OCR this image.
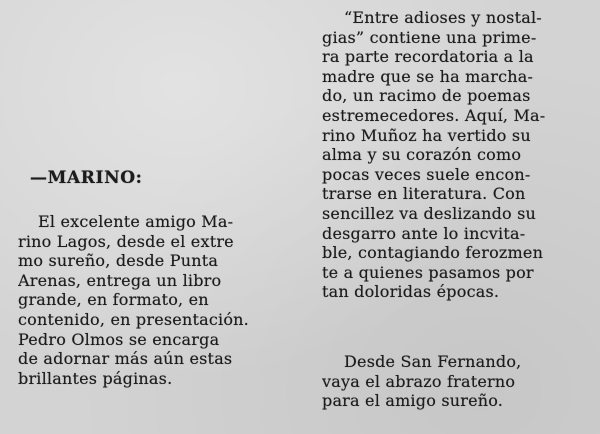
—MARINO:
El excelente amigo Ma-
rino Lagos, desde el extre
mo sureño, desde Punta
Arenas, entrega un libro
grande, en formato, en
contenido, en presentación.
Pedro Olmos se encarga
de adornar más aún estas
brillantes páginas.
“Entre adioses y nostal-
gias” contiene una prime-
ra parte recordatoria a la
madre que se ha marcha-
do, un racimo de poemas
estremecedores. Aquí, Ma-
rino Muñoz ha vertido su
alma y su corazón como
pocas veces suele encon-
trarse en literatura. Con
sencillez va deslizando su
desgarro ante lo incvita-
ble, contagiando ferozmen
te a quienes pasamos por
tan doloridas épocas.
Desde San Fernando,
vaya el abrazo fraterno
para el amigo sureño.
